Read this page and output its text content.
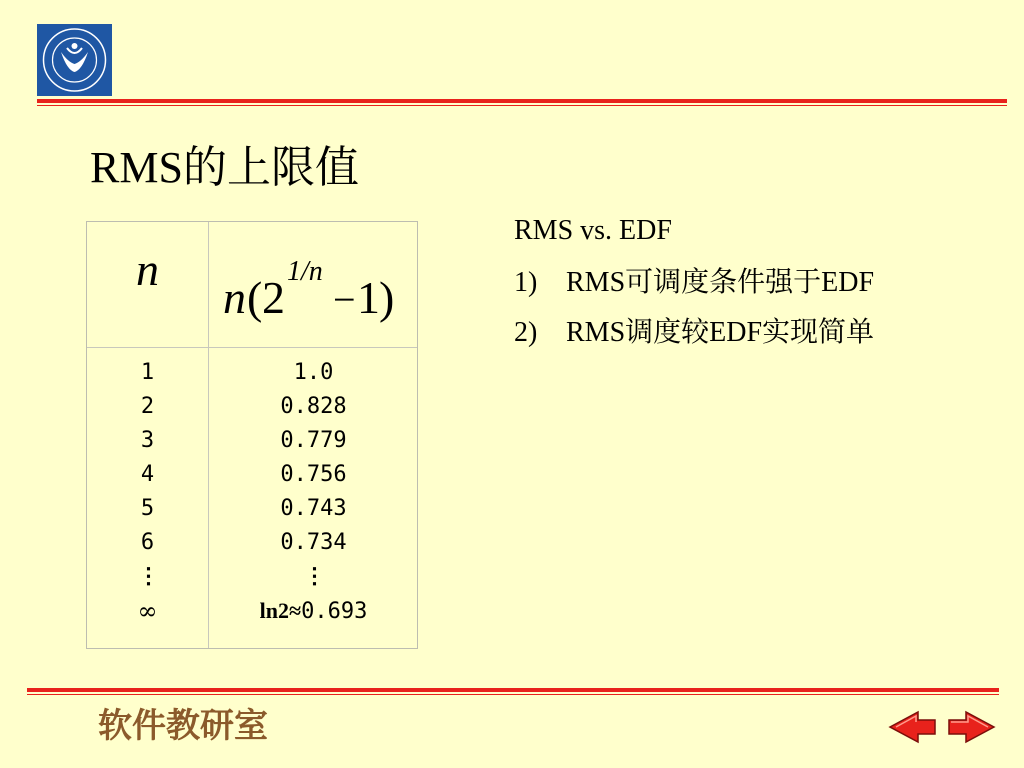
RMS的上限值
n
n ( 2
1/n
− 1 )
1
2
3
4
5
6
⋮
∞
1.0
0.828
0.779
0.756
0.743
0.734
⋮
ln2≈0.693
RMS vs. EDF
1) RMS可调度条件强于EDF
2) RMS调度较EDF实现简单
软件教研室
